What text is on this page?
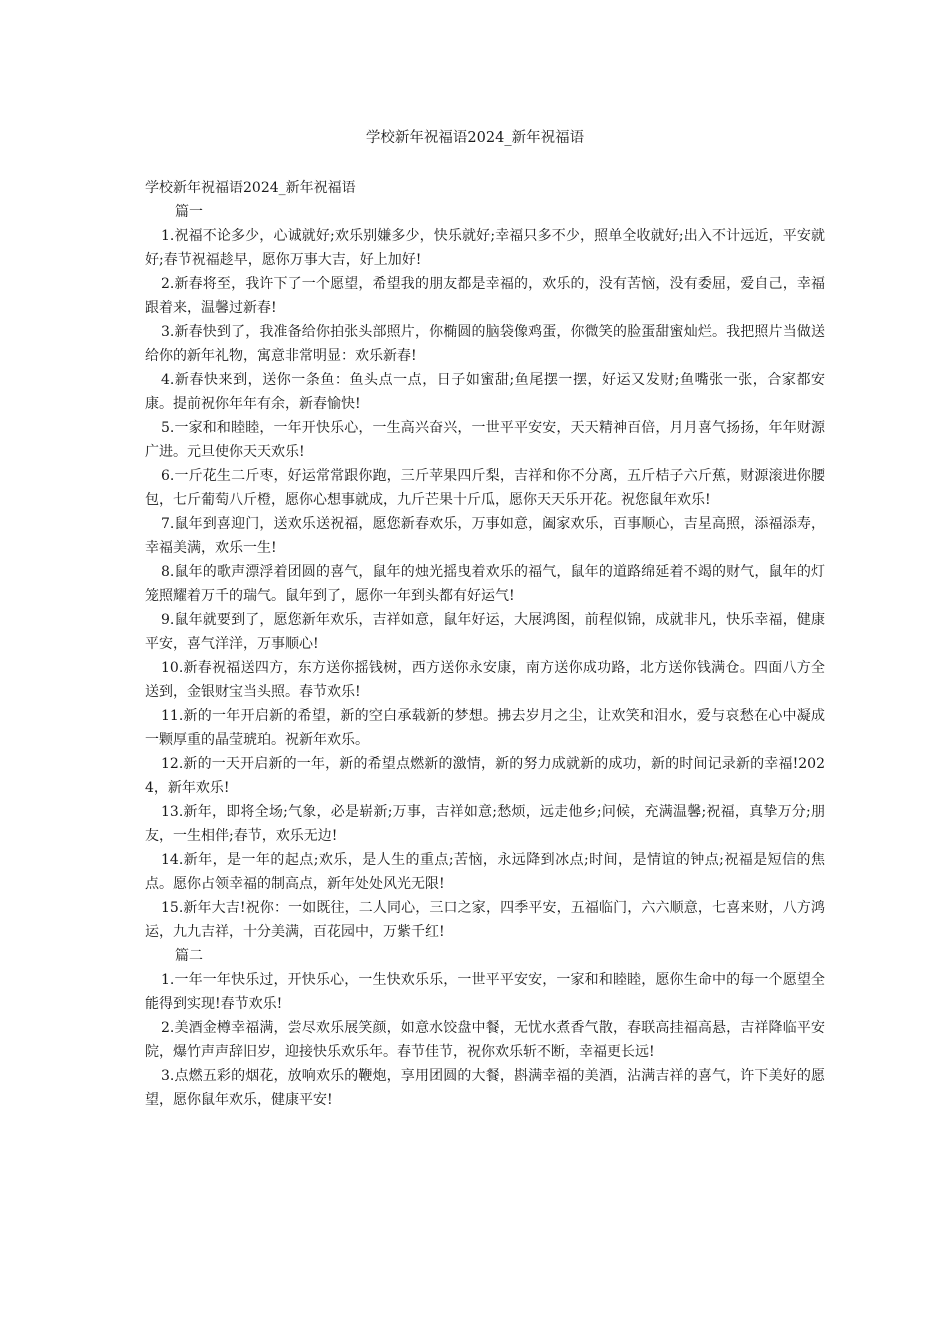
学校新年祝福语2024_新年祝福语

学校新年祝福语2024_新年祝福语

篇一

1.祝福不论多少，心诚就好;欢乐别嫌多少，快乐就好;幸福只多不少，照单全收就好;出入不计远近，平安就好;春节祝福趁早，愿你万事大吉，好上加好!

2.新春将至，我许下了一个愿望，希望我的朋友都是幸福的，欢乐的，没有苦恼，没有委屈，爱自己，幸福跟着来，温馨过新春!

3.新春快到了，我准备给你拍张头部照片，你椭圆的脑袋像鸡蛋，你微笑的脸蛋甜蜜灿烂。我把照片当做送给你的新年礼物，寓意非常明显：欢乐新春!

4.新春快来到，送你一条鱼：鱼头点一点，日子如蜜甜;鱼尾摆一摆，好运又发财;鱼嘴张一张，合家都安康。提前祝你年年有余，新春愉快!

5.一家和和睦睦，一年开快乐心，一生高兴奋兴，一世平平安安，天天精神百倍，月月喜气扬扬，年年财源广进。元旦使你天天欢乐!

6.一斤花生二斤枣，好运常常跟你跑，三斤苹果四斤梨，吉祥和你不分离，五斤桔子六斤蕉，财源滚进你腰包，七斤葡萄八斤橙，愿你心想事就成，九斤芒果十斤瓜，愿你天天乐开花。祝您鼠年欢乐!

7.鼠年到喜迎门，送欢乐送祝福，愿您新春欢乐，万事如意，阖家欢乐，百事顺心，吉星高照，添福添寿，幸福美满，欢乐一生!

8.鼠年的歌声漂浮着团圆的喜气，鼠年的烛光摇曳着欢乐的福气，鼠年的道路绵延着不竭的财气，鼠年的灯笼照耀着万千的瑞气。鼠年到了，愿你一年到头都有好运气!

9.鼠年就要到了，愿您新年欢乐，吉祥如意，鼠年好运，大展鸿图，前程似锦，成就非凡，快乐幸福，健康平安，喜气洋洋，万事顺心!

10.新春祝福送四方，东方送你摇钱树，西方送你永安康，南方送你成功路，北方送你钱满仓。四面八方全送到，金银财宝当头照。春节欢乐!

11.新的一年开启新的希望，新的空白承载新的梦想。拂去岁月之尘，让欢笑和泪水，爱与哀愁在心中凝成一颗厚重的晶莹琥珀。祝新年欢乐。

12.新的一天开启新的一年，新的希望点燃新的激情，新的努力成就新的成功，新的时间记录新的幸福!2024，新年欢乐!

13.新年，即将全场;气象，必是崭新;万事，吉祥如意;愁烦，远走他乡;问候，充满温馨;祝福，真挚万分;朋友，一生相伴;春节，欢乐无边!

14.新年，是一年的起点;欢乐，是人生的重点;苦恼，永远降到冰点;时间，是情谊的钟点;祝福是短信的焦点。愿你占领幸福的制高点，新年处处风光无限!

15.新年大吉!祝你：一如既往，二人同心，三口之家，四季平安，五福临门，六六顺意，七喜来财，八方鸿运，九九吉祥，十分美满，百花园中，万紫千红!

篇二

1.一年一年快乐过，开快乐心，一生快欢乐乐，一世平平安安，一家和和睦睦，愿你生命中的每一个愿望全能得到实现!春节欢乐!

2.美酒金樽幸福满，尝尽欢乐展笑颜，如意水饺盘中餐，无忧水煮香气散，春联高挂福高悬，吉祥降临平安院，爆竹声声辞旧岁，迎接快乐欢乐年。春节佳节，祝你欢乐斩不断，幸福更长远!

3.点燃五彩的烟花，放响欢乐的鞭炮，享用团圆的大餐，斟满幸福的美酒，沾满吉祥的喜气，许下美好的愿望，愿你鼠年欢乐，健康平安!
